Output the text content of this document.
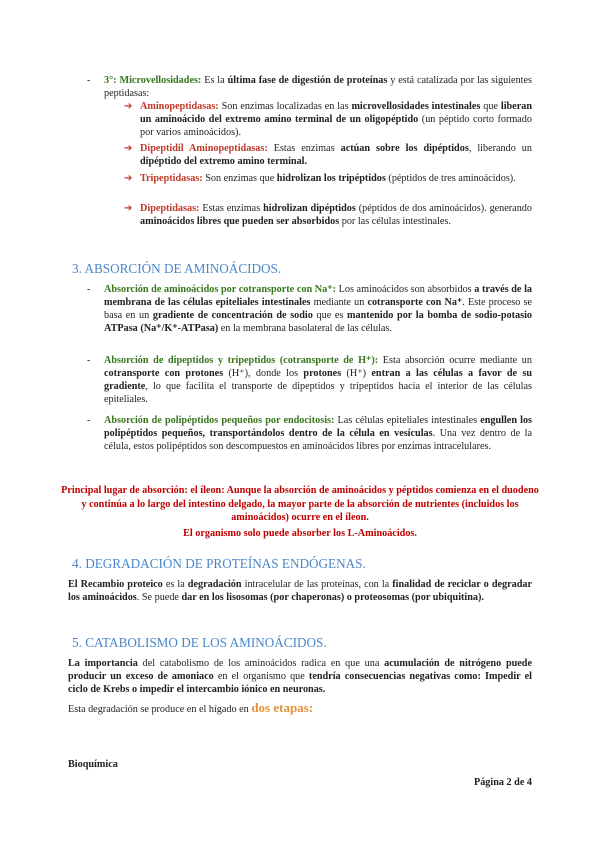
- 3°: Microvellosidades: Es la última fase de digestión de proteínas y está catalizada por las siguientes peptidasas:
➔ Aminopeptidasas: Son enzimas localizadas en las microvellosidades intestinales que liberan un aminoácido del extremo amino terminal de un oligopéptido (un péptido corto formado por varios aminoácidos).
➔ Dipeptidil Aminopeptidasas: Estas enzimas actúan sobre los dipéptidos, liberando un dipéptido del extremo amino terminal.
➔ Tripeptidasas: Son enzimas que hidrolizan los tripéptidos (péptidos de tres aminoácidos).
➔ Dipeptidasas: Estas enzimas hidrolizan dipéptidos (péptidos de dos aminoácidos). generando aminoácidos libres que pueden ser absorbidos por las células intestinales.
3. ABSORCIÓN DE AMINOÁCIDOS.
- Absorción de aminoácidos por cotransporte con Na⁺: Los aminoácidos son absorbidos a través de la membrana de las células epiteliales intestinales mediante un cotransporte con Na⁺. Este proceso se basa en un gradiente de concentración de sodio que es mantenido por la bomba de sodio-potasio ATPasa (Na⁺/K⁺-ATPasa) en la membrana basolateral de las células.
- Absorción de dipeptidos y tripeptidos (cotransporte de H⁺): Esta absorción ocurre mediante un cotransporte con protones (H⁺), donde los protones (H⁺) entran a las células a favor de su gradiente, lo que facilita el transporte de dipeptidos y tripeptidos hacia el interior de las células epiteliales.
- Absorción de polipéptidos pequeños por endocitosis: Las células epiteliales intestinales engullen los polipéptidos pequeños, transportándolos dentro de la célula en vesículas. Una vez dentro de la célula, estos polipéptidos son descompuestos en aminoácidos libres por enzimas intracelulares.
Principal lugar de absorción: el íleon: Aunque la absorción de aminoácidos y péptidos comienza en el duodeno y continúa a lo largo del intestino delgado, la mayor parte de la absorción de nutrientes (incluidos los aminoácidos) ocurre en el íleon.
El organismo solo puede absorber los L-Aminoácidos.
4. DEGRADACIÓN DE PROTEÍNAS ENDÓGENAS.
El Recambio proteico es la degradación intracelular de las proteínas, con la finalidad de reciclar o degradar los aminoácidos. Se puede dar en los lisosomas (por chaperonas) o proteosomas (por ubiquitina).
5. CATABOLISMO DE LOS AMINOÁCIDOS.
La importancia del catabolismo de los aminoácidos radica en que una acumulación de nitrógeno puede producir un exceso de amoniaco en el organismo que tendría consecuencias negativas como: Impedir el ciclo de Krebs o impedir el intercambio iónico en neuronas.
Esta degradación se produce en el hígado en dos etapas:
Bioquímica
Página 2 de 4
